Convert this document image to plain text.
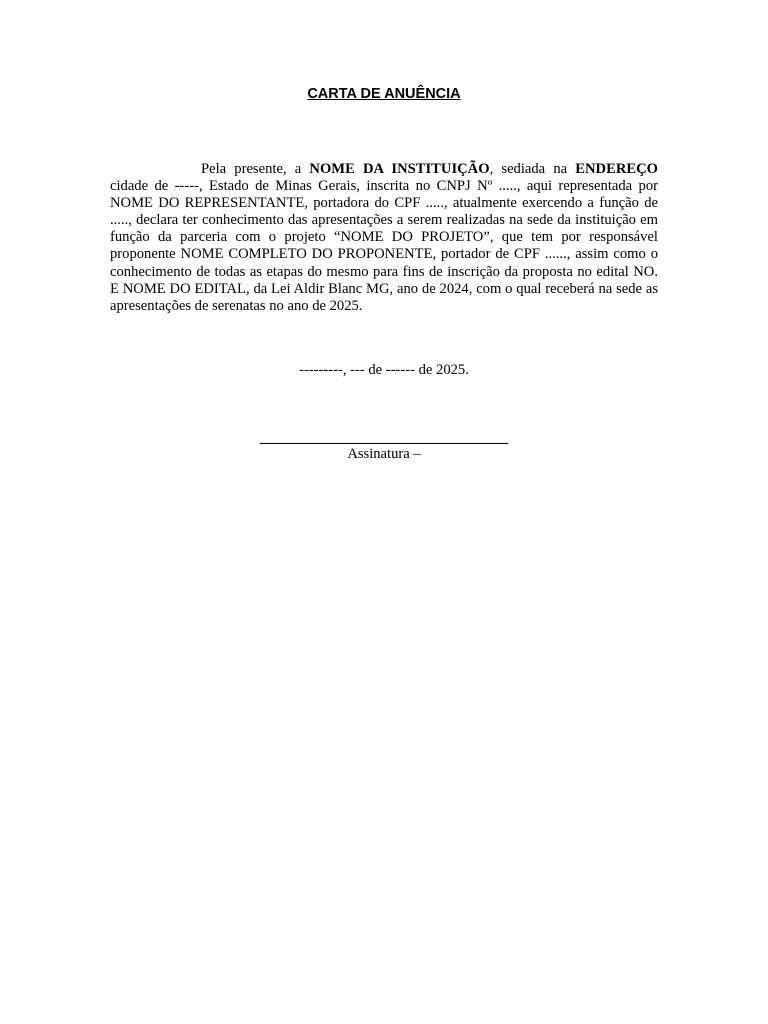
CARTA DE ANUÊNCIA

Pela presente, a NOME DA INSTITUIÇÃO, sediada na ENDEREÇO cidade de -----, Estado de Minas Gerais, inscrita no CNPJ Nº ....., aqui representada por NOME DO REPRESENTANTE, portadora do CPF ....., atualmente exercendo a função de ....., declara ter conhecimento das apresentações a serem realizadas na sede da instituição em função da parceria com o projeto “NOME DO PROJETO”, que tem por responsável proponente NOME COMPLETO DO PROPONENTE, portador de CPF ......, assim como o conhecimento de todas as etapas do mesmo para fins de inscrição da proposta no edital NO. E NOME DO EDITAL, da Lei Aldir Blanc MG, ano de 2024, com o qual receberá na sede as apresentações de serenatas no ano de 2025.

---------, --- de ------ de 2025.
Assinatura –
